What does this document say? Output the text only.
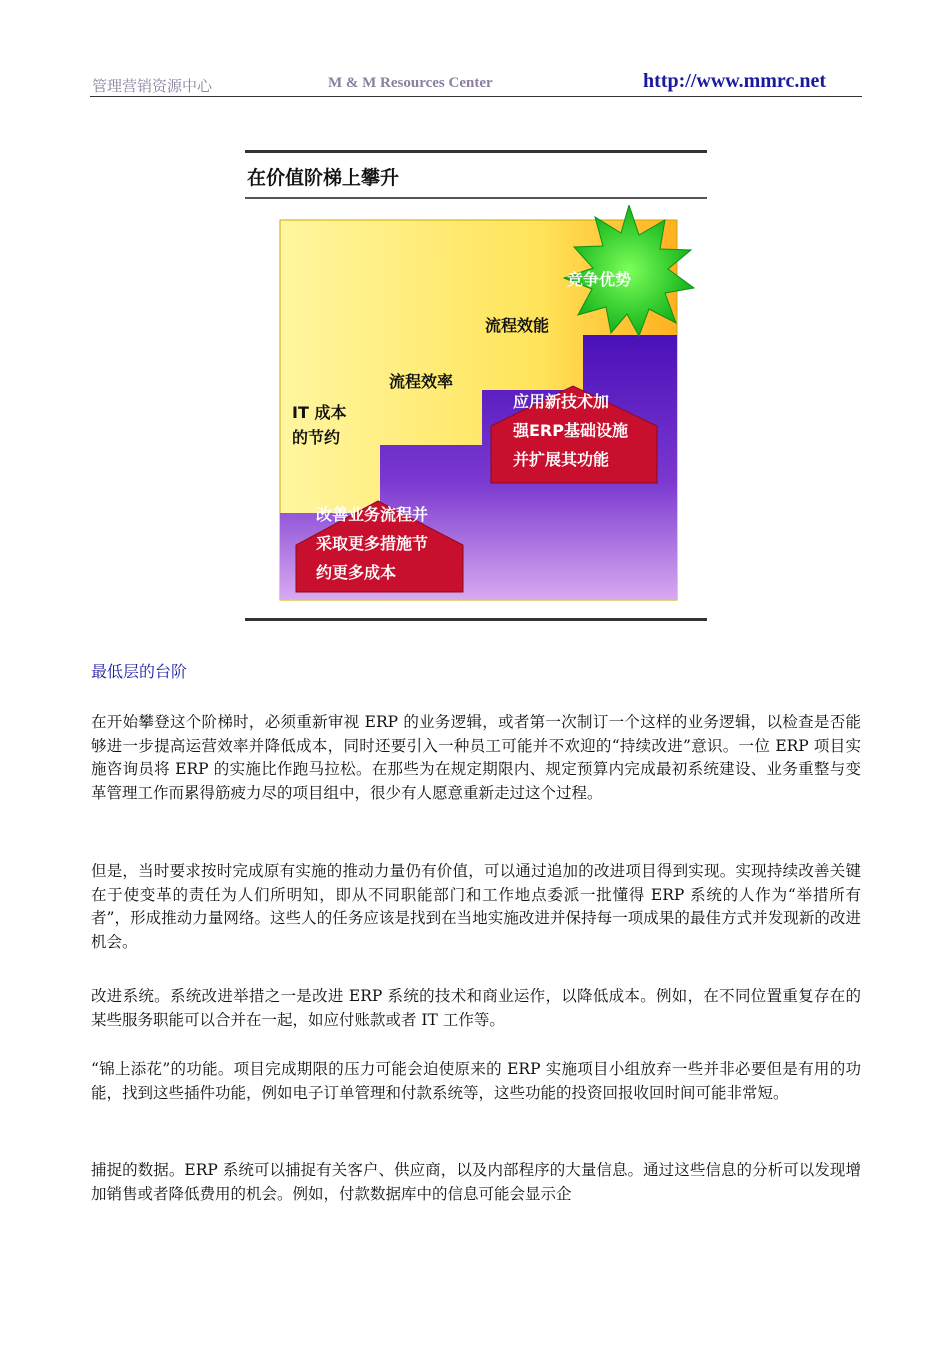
管理营销资源中心	M & M Resources Center	http://www.mmrc.net
在价值阶梯上攀升
竞争优势
流程效能
流程效率
IT 成本
的节约
应用新技术加
强ERP基础设施
并扩展其功能
改善业务流程并
采取更多措施节
约更多成本
最低层的台阶
在开始攀登这个阶梯时，必须重新审视 ERP 的业务逻辑，或者第一次制订一个这样的业务逻辑，以检查是否能够进一步提高运营效率并降低成本，同时还要引入一种员工可能并不欢迎的“持续改进”意识。一位 ERP 项目实施咨询员将 ERP 的实施比作跑马拉松。在那些为在规定期限内、规定预算内完成最初系统建设、业务重整与变革管理工作而累得筋疲力尽的项目组中，很少有人愿意重新走过这个过程。
但是，当时要求按时完成原有实施的推动力量仍有价值，可以通过追加的改进项目得到实现。实现持续改善关键在于使变革的责任为人们所明知，即从不同职能部门和工作地点委派一批懂得 ERP 系统的人作为“举措所有者”，形成推动力量网络。这些人的任务应该是找到在当地实施改进并保持每一项成果的最佳方式并发现新的改进机会。
改进系统。系统改进举措之一是改进 ERP 系统的技术和商业运作，以降低成本。例如，在不同位置重复存在的某些服务职能可以合并在一起，如应付账款或者 IT 工作等。
“锦上添花”的功能。项目完成期限的压力可能会迫使原来的 ERP 实施项目小组放弃一些并非必要但是有用的功能，找到这些插件功能，例如电子订单管理和付款系统等，这些功能的投资回报收回时间可能非常短。
捕捉的数据。ERP 系统可以捕捉有关客户、供应商，以及内部程序的大量信息。通过这些信息的分析可以发现增加销售或者降低费用的机会。例如，付款数据库中的信息可能会显示企
